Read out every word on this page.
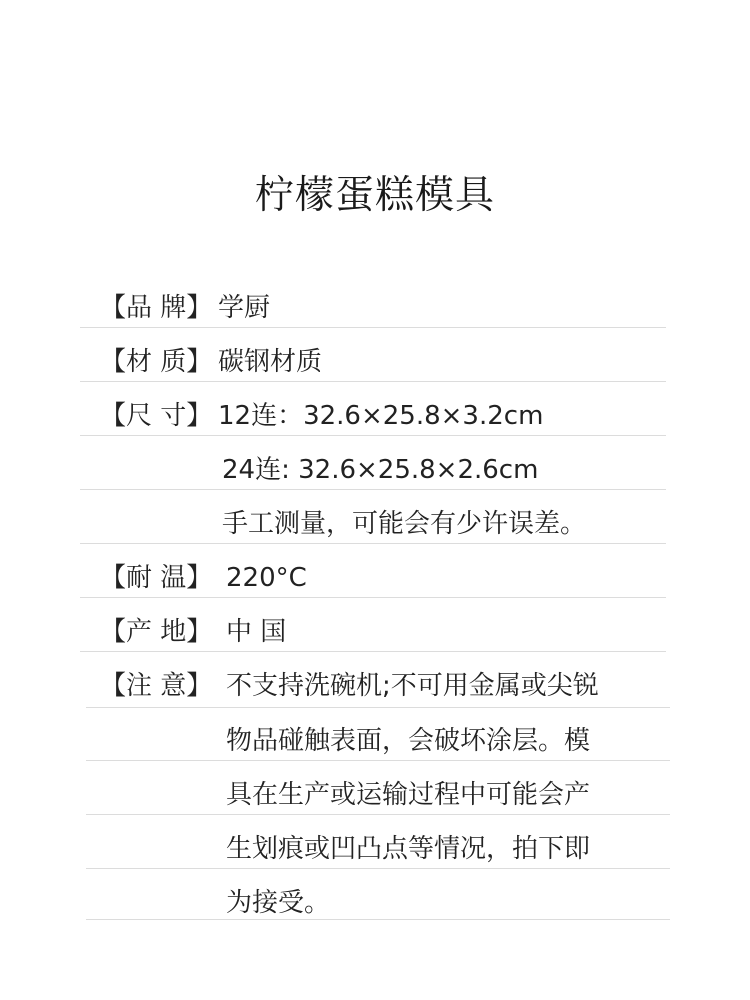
柠檬蛋糕模具
【品 牌】 学厨
【材 质】 碳钢材质
【尺 寸】 12连：32.6×25.8×3.2cm
24连: 32.6×25.8×2.6cm
手工测量，可能会有少许误差。
【耐 温】 220°C
【产 地】 中 国
【注 意】 不支持洗碗机;不可用金属或尖锐
物品碰触表面，会破坏涂层。模
具在生产或运输过程中可能会产
生划痕或凹凸点等情况，拍下即
为接受。
